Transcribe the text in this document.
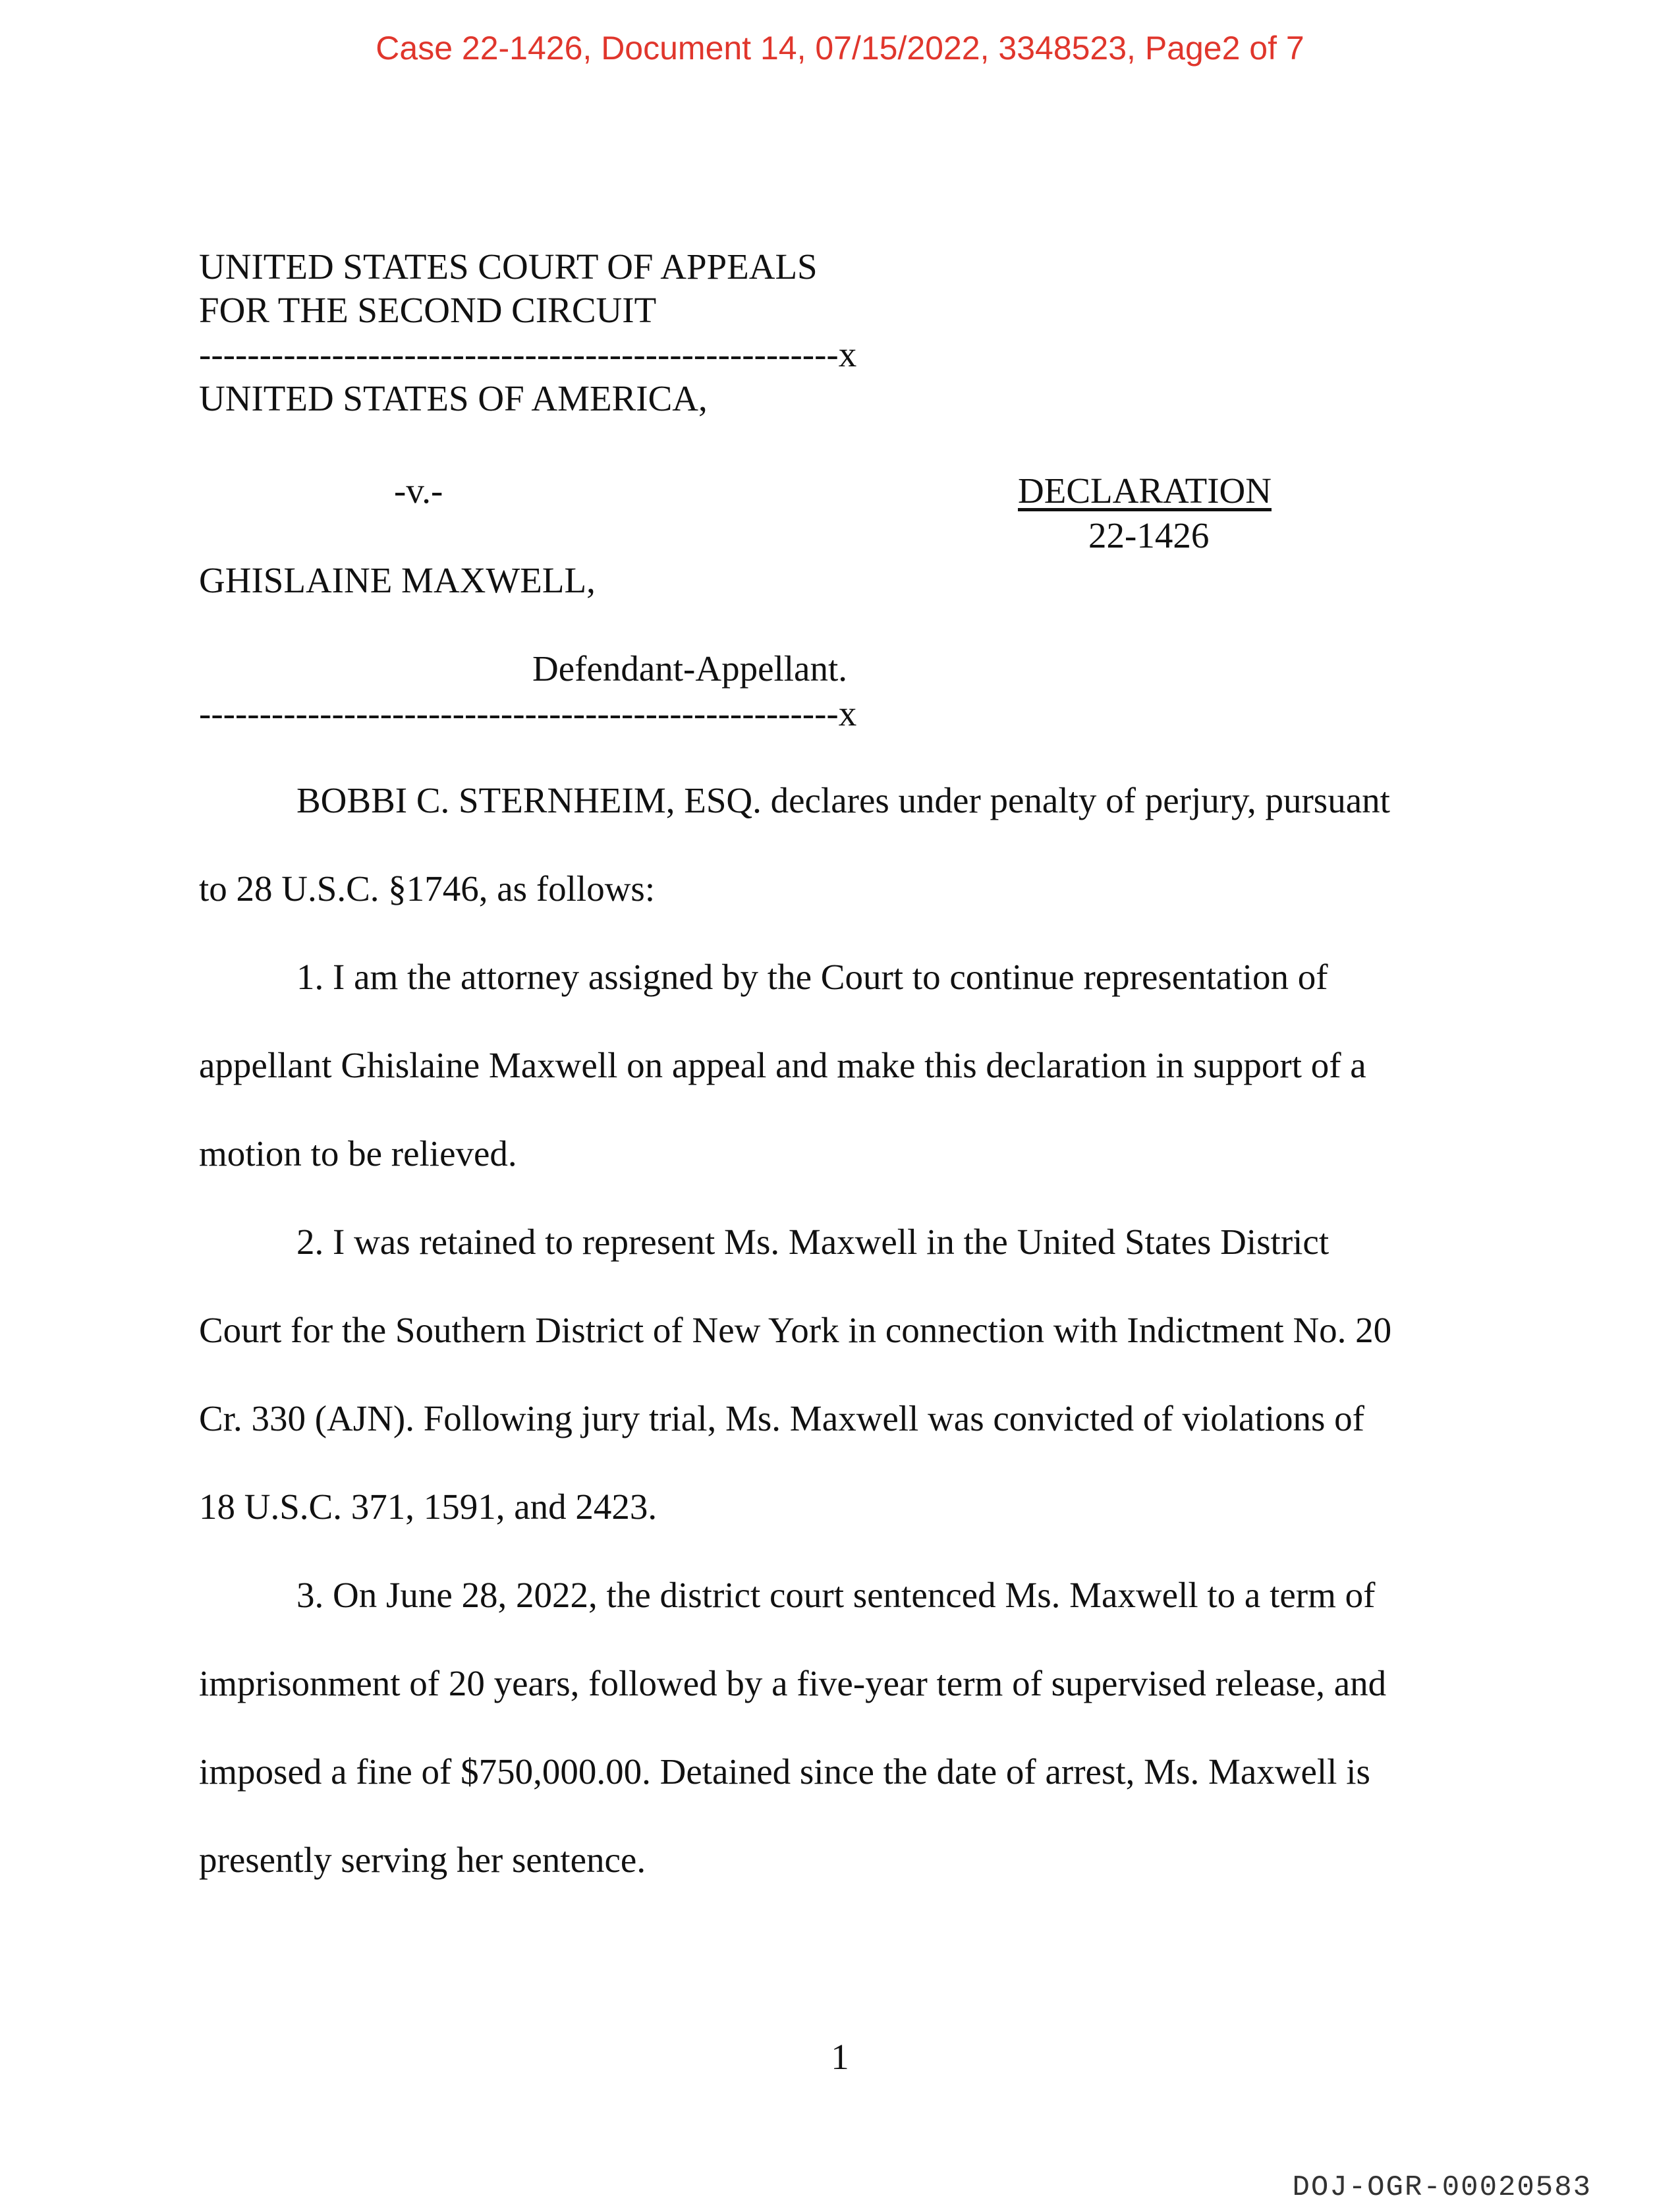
Case 22-1426, Document 14, 07/15/2022, 3348523, Page2 of 7
UNITED STATES COURT OF APPEALS
FOR THE SECOND CIRCUIT
-----------------------------------------------------x
UNITED STATES OF AMERICA,
-v.-	DECLARATION
22-1426
GHISLAINE MAXWELL,
Defendant-Appellant.
-----------------------------------------------------x
BOBBI C. STERNHEIM, ESQ. declares under penalty of perjury, pursuant
to 28 U.S.C. §1746, as follows:
1. I am the attorney assigned by the Court to continue representation of
appellant Ghislaine Maxwell on appeal and make this declaration in support of a
motion to be relieved.
2. I was retained to represent Ms. Maxwell in the United States District
Court for the Southern District of New York in connection with Indictment No. 20
Cr. 330 (AJN). Following jury trial, Ms. Maxwell was convicted of violations of
18 U.S.C. 371, 1591, and 2423.
3. On June 28, 2022, the district court sentenced Ms. Maxwell to a term of
imprisonment of 20 years, followed by a five-year term of supervised release, and
imposed a fine of $750,000.00. Detained since the date of arrest, Ms. Maxwell is
presently serving her sentence.
1
DOJ-OGR-00020583
